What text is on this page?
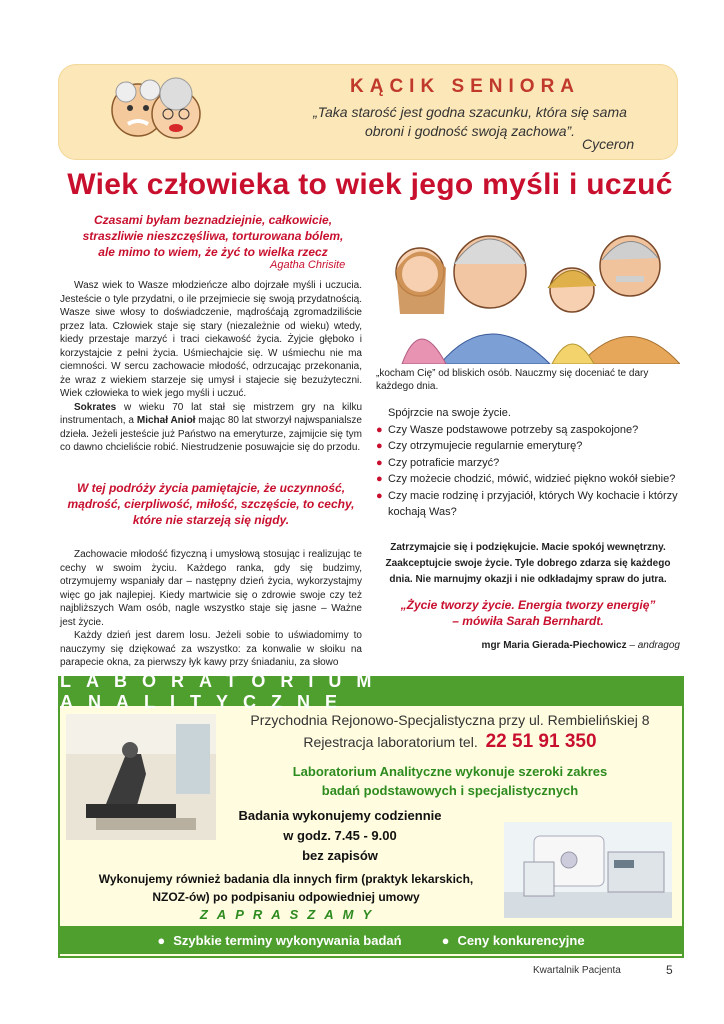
KĄCIK SENIORA
„Taka starość jest godna szacunku, która się sama
obroni i godność swoją zachowa”.
Cyceron
Wiek człowieka to wiek jego myśli i uczuć
Czasami byłam beznadziejnie, całkowicie,
straszliwie nieszczęśliwa, torturowana bólem,
ale mimo to wiem, że żyć to wielka rzecz
Agatha Chrisite

Wasz wiek to Wasze młodzieńcze albo dojrzałe myśli i uczucia. Jesteście o tyle przydatni, o ile przejmiecie się swoją przydatnością. Wasze siwe włosy to doświadczenie, mądrośćają zgromadziliście przez lata. Człowiek staje się stary (niezależnie od wieku) wtedy, kiedy przestaje marzyć i traci ciekawość życia. Żyjcie głęboko i korzystajcie z pełni życia. Uśmiechajcie się. W uśmiechu nie ma ciemności. W sercu zachowacie młodość, odrzucając przekonania, że wraz z wiekiem starzeje się umysł i stajecie się bezużyteczni. Wiek człowieka to wiek jego myśli i uczuć.

Sokrates w wieku 70 lat stał się mistrzem gry na kilku instrumentach, a Michał Anioł mając 80 lat stworzył najwspanialsze dzieła. Jeżeli jesteście już Państwo na emeryturze, zajmijcie się tym co dawno chcieliście robić. Niestrudzenie posuwajcie się do przodu.

W tej podróży życia pamiętajcie, że uczynność,
mądrość, cierpliwość, miłość, szczęście, to cechy,
które nie starzeją się nigdy.

Zachowacie młodość fizyczną i umysłową stosując i realizując te cechy w swoim życiu. Każdego ranka, gdy się budzimy, otrzymujemy wspaniały dar – następny dzień życia, wykorzystajmy więc go jak najlepiej. Kiedy martwicie się o zdrowie swoje czy też najbliższych Wam osób, nagle wszystko staje się jasne – Ważne jest życie.

Każdy dzień jest darem losu. Jeżeli sobie to uświadomimy to nauczymy się dziękować za wszystko: za konwalie w słoiku na parapecie okna, za pierwszy łyk kawy przy śniadaniu, za słowo

„kocham Cię” od bliskich osób. Nauczmy się doceniać te dary każdego dnia.
Spójrzcie na swoje życie.
● Czy Wasze podstawowe potrzeby są zaspokojone?
● Czy otrzymujecie regularnie emeryturę?
● Czy potraficie marzyć?
● Czy możecie chodzić, mówić, widzieć piękno wokół siebie?
● Czy macie rodzinę i przyjaciół, których Wy kochacie i którzy kochają Was?
Zatrzymajcie się i podziękujcie. Macie spokój wewnętrzny.
Zaakceptujcie swoje życie. Tyle dobrego zdarza się każdego
dnia. Nie marnujmy okazji i nie odkładajmy spraw do jutra.
„Życie tworzy życie. Energia tworzy energię”
– mówiła Sarah Bernhardt.
mgr Maria Gierada-Piechowicz – andragog
LABORATORIUM ANALITYCZNE
Przychodnia Rejonowo-Specjalistyczna przy ul. Rembielińskiej 8
Rejestracja laboratorium tel. 22 51 91 350
Laboratorium Analityczne wykonuje szeroki zakres
badań podstawowych i specjalistycznych
Badania wykonujemy codziennie
w godz. 7.45 - 9.00
bez zapisów
Wykonujemy również badania dla innych firm (praktyk lekarskich,
NZOZ-ów) po podpisaniu odpowiedniej umowy
ZAPRASZAMY
● Szybkie terminy wykonywania badań	● Ceny konkurencyjne
Kwartalnik Pacjenta	5
